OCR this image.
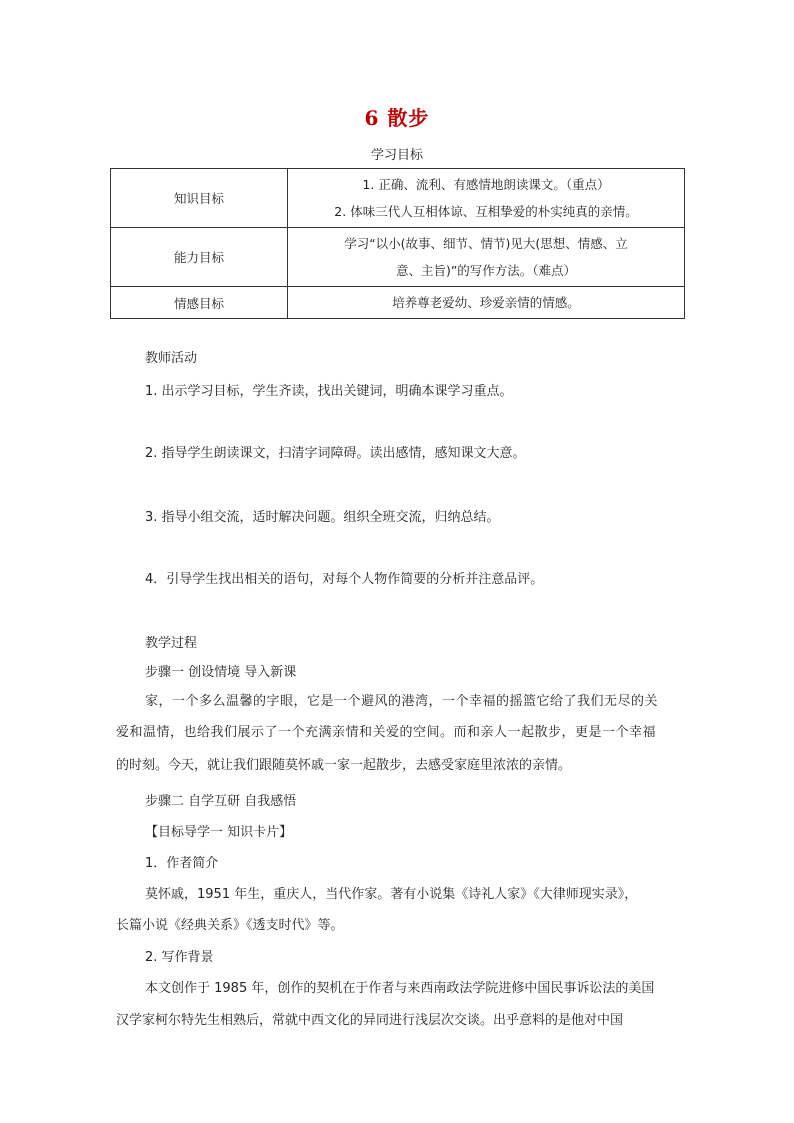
6 散步
学习目标
知识目标	1. 正确、流利、有感情地朗读课文。（重点）
2. 体味三代人互相体谅、互相挚爱的朴实纯真的亲情。

能力目标	学习“以小(故事、细节、情节)见大(思想、情感、立
意、主旨)”的写作方法。（难点）

情感目标	培养尊老爱幼、珍爱亲情的情感。
教师活动
1. 出示学习目标，学生齐读，找出关键词，明确本课学习重点。
2. 指导学生朗读课文，扫清字词障碍。读出感情，感知课文大意。
3. 指导小组交流，适时解决问题。组织全班交流，归纳总结。
4．引导学生找出相关的语句，对每个人物作简要的分析并注意品评。
教学过程
步骤一 创设情境 导入新课

家，一个多么温馨的字眼，它是一个避风的港湾，一个幸福的摇篮它给了我们无尽的关

爱和温情，也给我们展示了一个充满亲情和关爱的空间。而和亲人一起散步，更是一个幸福

的时刻。今天，就让我们跟随莫怀戚一家一起散步，去感受家庭里浓浓的亲情。

步骤二 自学互研 自我感悟
【目标导学一 知识卡片】
1．作者简介
莫怀戚，1951 年生，重庆人，当代作家。著有小说集《诗礼人家》《大律师现实录》，
长篇小说《经典关系》《透支时代》等。
2. 写作背景
本文创作于 1985 年，创作的契机在于作者与来西南政法学院进修中国民事诉讼法的美国
汉学家柯尔特先生相熟后，常就中西文化的异同进行浅层次交谈。出乎意料的是他对中国
